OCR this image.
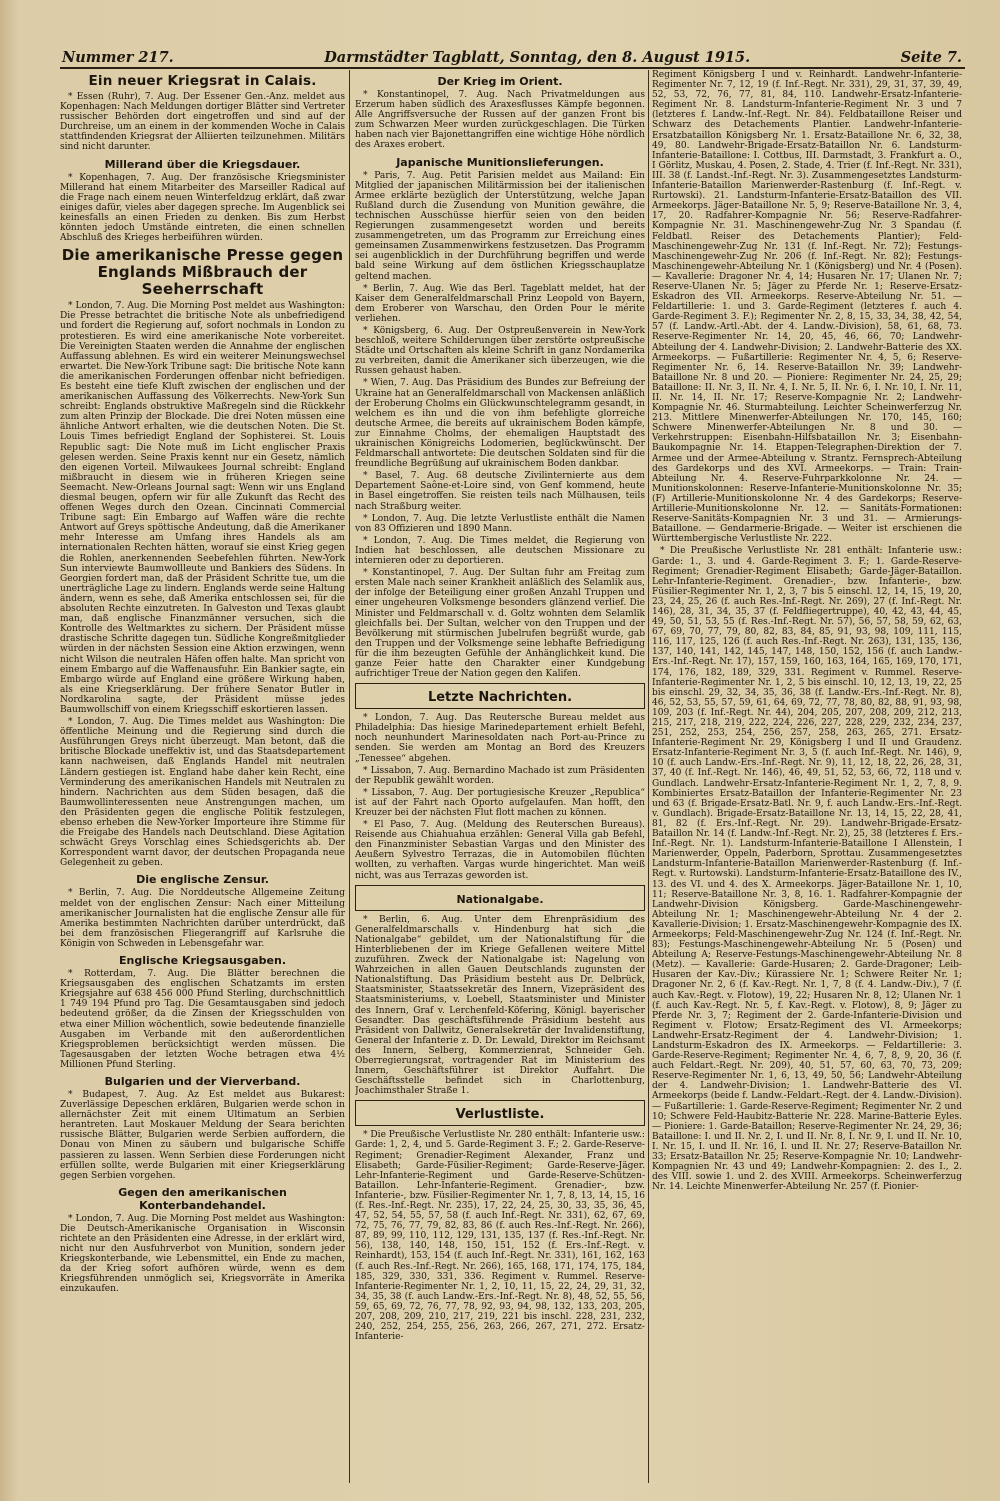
Nummer 217.	Darmstädter Tagblatt, Sonntag, den 8. August 1915.	Seite 7.
Ein neuer Kriegsrat in Calais.

* Essen (Ruhr), 7. Aug. Der Essener Gen.-Anz. meldet aus Kopenhagen: Nach Meldungen dortiger Blätter sind Vertreter russischer Behörden dort eingetroffen und sind auf der Durchreise, um an einem in der kommenden Woche in Calais stattfindenden Kriegsrat der Alliierten teilzunehmen. Militärs sind nicht darunter.

Millerand über die Kriegsdauer.

* Kopenhagen, 7. Aug. Der französische Kriegsminister Millerand hat einem Mitarbeiter des Marseiller Radical auf die Frage nach einem neuen Winterfeldzug erklärt, daß zwar einiges dafür, vieles aber dagegen spreche. Im Augenblick sei keinesfalls an einen Frieden zu denken. Bis zum Herbst könnten jedoch Umstände eintreten, die einen schnellen Abschluß des Krieges herbeiführen würden.

Die amerikanische Presse gegen Englands Mißbrauch der Seeherrschaft

* London, 7. Aug. Die Morning Post meldet aus Washington: Die Presse betrachtet die britische Note als unbefriedigend und fordert die Regierung auf, sofort nochmals in London zu protestieren. Es wird eine amerikanische Note vorbereitet. Die Vereinigten Staaten werden die Annahme der englischen Auffassung ablehnen. Es wird ein weiterer Meinungswechsel erwartet. Die New-York Tribune sagt: Die britische Note kann die amerikanischen Forderungen offenbar nicht befriedigen. Es besteht eine tiefe Kluft zwischen der englischen und der amerikanischen Auffassung des Völkerrechts. New-York Sun schreibt: Englands obstruktive Maßregeln sind die Rückkehr zum alten Prinzip der Blockade. Die drei Noten müssen eine ähnliche Antwort erhalten, wie die deutschen Noten. Die St. Louis Times befriedigt England der Sophisterei. St. Louis Republic sagt: Die Note muß im Licht englischer Praxis gelesen werden. Seine Praxis kennt nur ein Gesetz, nämlich den eigenen Vorteil. Milwaukees Journal schreibt: England mißbraucht in diesem wie in früheren Kriegen seine Seemacht. New-Orleans Journal sagt: Wenn wir uns England diesmal beugen, opfern wir für alle Zukunft das Recht des offenen Weges durch den Ozean. Cincinnati Commercial Tribune sagt: Ein Embargo auf Waffen wäre die rechte Antwort auf Greys spöttische Andeutung, daß die Amerikaner mehr Interesse am Umfang ihres Handels als am internationalen Rechten hätten, worauf sie einst Krieg gegen die Rohlen, anerkennenden Seebefehlen führten. New-York Sun interviewte Baumwollleute und Bankiers des Südens. In Georgien fordert man, daß der Präsident Schritte tue, um die unerträgliche Lage zu lindern. Englands werde seine Haltung ändern, wenn es sehe, daß Amerika entschlossen sei, für die absoluten Rechte einzutreten. In Galveston und Texas glaubt man, daß englische Finanzmänner versuchen, sich die Kontrolle des Weltmarktes zu sichern. Der Präsident müsse drastische Schritte dagegen tun. Südliche Kongreßmitglieder würden in der nächsten Session eine Aktion erzwingen, wenn nicht Wilson die neutralen Häfen offen halte. Man spricht von einem Embargo auf die Waffenausfuhr. Ein Bankier sagte, ein Embargo würde auf England eine größere Wirkung haben, als eine Kriegserklärung. Der frühere Senator Butler in Nordkarolina sagte, der Präsident müsse jedes Baumwollschiff von einem Kriegsschiff eskortieren lassen.

* London, 7. Aug. Die Times meldet aus Washington: Die öffentliche Meinung und die Regierung sind durch die Ausführungen Greys nicht überzeugt. Man betont, daß die britische Blockade uneffektiv ist, und das Staatsdepartement kann nachweisen, daß Englands Handel mit neutralen Ländern gestiegen ist. England habe daher kein Recht, eine Verminderung des amerikanischen Handels mit Neutralen zu hindern. Nachrichten aus dem Süden besagen, daß die Baumwollinteressenten neue Anstrengungen machen, um den Präsidenten gegen die englische Politik festzulegen, ebenso erheben die New-Yorker Importeure ihre Stimme für die Freigabe des Handels nach Deutschland. Diese Agitation schwächt Greys Vorschlag eines Schiedsgerichts ab. Der Korrespondent warnt davor, der deutschen Propaganda neue Gelegenheit zu geben.

Die englische Zensur.

* Berlin, 7. Aug. Die Norddeutsche Allgemeine Zeitung meldet von der englischen Zensur: Nach einer Mitteilung amerikanischer Journalisten hat die englische Zensur alle für Amerika bestimmten Nachrichten darüber unterdrückt, daß bei dem französischen Fliegerangriff auf Karlsruhe die Königin von Schweden in Lebensgefahr war.

Englische Kriegsausgaben.

* Rotterdam, 7. Aug. Die Blätter berechnen die Kriegsausgaben des englischen Schatzamts im ersten Kriegsjahre auf 638 456 000 Pfund Sterling, durchschnittlich 1 749 194 Pfund pro Tag. Die Gesamtausgaben sind jedoch bedeutend größer, da die Zinsen der Kriegsschulden von etwa einer Million wöchentlich, sowie bedeutende finanzielle Ausgaben im Verbande mit den außerordentlichen Kriegsproblemen berücksichtigt werden müssen. Die Tagesausgaben der letzten Woche betragen etwa 4½ Millionen Pfund Sterling.

Bulgarien und der Vierverband.

* Budapest, 7. Aug. Az Est meldet aus Bukarest: Zuverlässige Depeschen erklären, Bulgarien werde schon in allernächster Zeit mit einem Ultimatum an Serbien herantreten. Laut Moskauer Meldung der Seara berichten russische Blätter, Bulgarien werde Serbien auffordern, die Donau von Minen zu säubern und bulgarische Schiffe passieren zu lassen. Wenn Serbien diese Forderungen nicht erfüllen sollte, werde Bulgarien mit einer Kriegserklärung gegen Serbien vorgehen.

Gegen den amerikanischen Konterbandehandel.

* London, 7. Aug. Die Morning Post meldet aus Washington: Die Deutsch-Amerikanische Organisation in Wisconsin richtete an den Präsidenten eine Adresse, in der erklärt wird, nicht nur den Ausfuhrverbot von Munition, sondern jeder Kriegskonterbande, wie Lebensmittel, ein Ende zu machen, da der Krieg sofort aufhören würde, wenn es dem Kriegsführenden unmöglich sei, Kriegsvorräte in Amerika einzukaufen.

Der Krieg im Orient.

* Konstantinopel, 7. Aug. Nach Privatmeldungen aus Erzerum haben südlich des Araxesflusses Kämpfe begonnen. Alle Angriffsversuche der Russen auf der ganzen Front bis zum Schwarzen Meer wurden zurückgeschlagen. Die Türken haben nach vier Bajonettangriffen eine wichtige Höhe nördlich des Araxes erobert.

Japanische Munitionslieferungen.

* Paris, 7. Aug. Petit Parisien meldet aus Mailand: Ein Mitglied der japanischen Militärmission bei der italienischen Armee erklärte bezüglich der Unterstützung, welche Japan Rußland durch die Zusendung von Munition gewähre, die technischen Ausschüsse hierfür seien von den beiden Regierungen zusammengesetzt worden und bereits zusammengetreten, um das Programm zur Erreichung eines gemeinsamen Zusammenwirkens festzusetzen. Das Programm sei augenblicklich in der Durchführung begriffen und werde bald seine Wirkung auf dem östlichen Kriegsschauplatze geltend machen.

* Berlin, 7. Aug. Wie das Berl. Tageblatt meldet, hat der Kaiser dem Generalfeldmarschall Prinz Leopold von Bayern, dem Eroberer von Warschau, den Orden Pour le mérite verliehen.

* Königsberg, 6. Aug. Der Ostpreußenverein in New-York beschloß, weitere Schilderungen über zerstörte ostpreußische Städte und Ortschaften als kleine Schrift in ganz Nordamerika zu verbreiten, damit die Amerikaner sich überzeugen, wie die Russen gehaust haben.

* Wien, 7. Aug. Das Präsidium des Bundes zur Befreiung der Ukraine hat an Generalfeldmarschall von Mackensen anläßlich der Eroberung Cholms ein Glückwunschtelegramm gesandt, in welchem es ihn und die von ihm befehligte glorreiche deutsche Armee, die bereits auf ukrainischem Boden kämpfe, zur Einnahme Cholms, der ehemaligen Hauptstadt des ukrainischen Königreichs Lodomerien, beglückwünscht. Der Feldmarschall antwortete: Die deutschen Soldaten sind für die freundliche Begrüßung auf ukrainischem Boden dankbar.

* Basel, 7. Aug. 68 deutsche Zivilinternierte aus dem Departement Saône-et-Loire sind, von Genf kommend, heute in Basel eingetroffen. Sie reisten teils nach Mülhausen, teils nach Straßburg weiter.

* London, 7. Aug. Die letzte Verlustliste enthält die Namen von 83 Offizieren und 1890 Mann.

* London, 7. Aug. Die Times meldet, die Regierung von Indien hat beschlossen, alle deutschen Missionare zu internieren oder zu deportieren.

* Konstantinopel, 7. Aug. Der Sultan fuhr am Freitag zum ersten Male nach seiner Krankheit anläßlich des Selamlik aus, der infolge der Beteiligung einer großen Anzahl Truppen und einer ungeheuren Volksmenge besonders glänzend verlief. Die Minister und Feldmarschall v. d. Goltz wohnten dem Selamlik gleichfalls bei. Der Sultan, welcher von den Truppen und der Bevölkerung mit stürmischen Jubelrufen begrüßt wurde, gab den Truppen und der Volksmenge seine lebhafte Befriedigung für die ihm bezeugten Gefühle der Anhänglichkeit kund. Die ganze Feier hatte den Charakter einer Kundgebung aufrichtiger Treue der Nation gegen den Kalifen.

Letzte Nachrichten.

* London, 7. Aug. Das Reutersche Bureau meldet aus Philadelphia: Das hiesige Marinedepartement erhielt Befehl, noch neunhundert Marinesoldaten nach Port-au-Prince zu senden. Sie werden am Montag an Bord des Kreuzers „Tenessee“ abgehen.

* Lissabon, 7. Aug. Bernardino Machado ist zum Präsidenten der Republik gewählt worden.

* Lissabon, 7. Aug. Der portugiesische Kreuzer „Republica“ ist auf der Fahrt nach Oporto aufgelaufen. Man hofft, den Kreuzer bei der nächsten Flut flott machen zu können.

* El Paso, 7. Aug. (Meldung des Reuterschen Bureaus). Reisende aus Chiahuahua erzählen: General Villa gab Befehl, den Finanzminister Sebastian Vargas und den Minister des Aeußern Sylvestro Terrazas, die in Automobilen flüchten wollten, zu verhaften. Vargas wurde hingerichtet. Man weiß nicht, was aus Terrazas geworden ist.

Nationalgabe.

* Berlin, 6. Aug. Unter dem Ehrenpräsidium des Generalfeldmarschalls v. Hindenburg hat sich „die Nationalgabe“ gebildet, um der Nationalstiftung für die Hinterbliebenen der im Kriege Gefallenen weitere Mittel zuzuführen. Zweck der Nationalgabe ist: Nagelung von Wahrzeichen in allen Gauen Deutschlands zugunsten der Nationalstiftung. Das Präsidium besteht aus Dr. Delbrück, Staatsminister, Staatssekretär des Innern, Vizepräsident des Staatsministeriums, v. Loebell, Staatsminister und Minister des Innern, Graf v. Lerchenfeld-Köfering, Königl. bayerischer Gesandter. Das geschäftsführende Präsidium besteht aus Präsident von Dallwitz, Generalsekretär der Invalidenstiftung, General der Infanterie z. D. Dr. Lewald, Direktor im Reichsamt des Innern, Selberg, Kommerzienrat, Schneider Geh. Oberregierungsrat, vortragender Rat im Ministerium des Innern, Geschäftsführer ist Direktor Auffahrt. Die Geschäftsstelle befindet sich in Charlottenburg, Joachimsthaler Straße 1.

Verlustliste.

* Die Preußische Verlustliste Nr. 280 enthält: Infanterie usw.: Garde: 1, 2, 4, und 5. Garde-Regiment 3. F.; 2. Garde-Reserve-Regiment; Grenadier-Regiment Alexander, Franz und Elisabeth; Garde-Füsilier-Regiment; Garde-Reserve-Jäger. Lehr-Infanterie-Regiment und Garde-Reserve-Schützen-Bataillon. Lehr-Infanterie-Regiment. Grenadier-, bzw. Infanterie-, bzw. Füsilier-Regimenter Nr. 1, 7, 8, 13, 14, 15, 16 (f. Res.-Inf.-Regt. Nr. 235), 17, 22, 24, 25, 30, 33, 35, 36, 45, 47, 52, 54, 55, 57, 58 (f. auch Inf.-Regt. Nr. 331), 62, 67, 69, 72, 75, 76, 77, 79, 82, 83, 86 (f. auch Res.-Inf.-Regt. Nr. 266), 87, 89, 99, 110, 112, 129, 131, 135, 137 (f. Res.-Inf.-Regt. Nr. 56), 138, 140, 148, 150, 151, 152 (f. Ers.-Inf.-Regt. v. Reinhardt), 153, 154 (f. auch Inf.-Regt. Nr. 331), 161, 162, 163 (f. auch Res.-Inf.-Regt. Nr. 266), 165, 168, 171, 174, 175, 184, 185, 329, 330, 331, 336. Regiment v. Rummel. Reserve-Infanterie-Regimenter Nr. 1, 2, 10, 11, 15, 22, 24, 29, 31, 32, 34, 35, 38 (f. auch Landw.-Ers.-Inf.-Regt. Nr. 8), 48, 52, 55, 56, 59, 65, 69, 72, 76, 77, 78, 92, 93, 94, 98, 132, 133, 203, 205, 207, 208, 209, 210, 217, 219, 221 bis inschl. 228, 231, 232, 240, 252, 254, 255, 256, 263, 266, 267, 271, 272. Ersatz-Infanterie-

Regiment Königsberg I und v. Reinhardt. Landwehr-Infanterie-Regimenter Nr. 7, 12, 19 (f. Inf.-Regt. Nr. 331), 29, 31, 37, 39, 49, 52, 53, 72, 76, 77, 81, 84, 110. Landwehr-Ersatz-Infanterie-Regiment Nr. 8. Landsturm-Infanterie-Regiment Nr. 3 und 7 (letzteres f. Landw.-Inf.-Regt. Nr. 84). Feldbataillone Reiser und Schwarz des Detachements Plantier. Landwehr-Infanterie-Ersatzbataillon Königsberg Nr. 1. Ersatz-Bataillone Nr. 6, 32, 38, 49, 80. Landwehr-Brigade-Ersatz-Bataillon Nr. 6. Landsturm-Infanterie-Bataillone: I. Cottbus, III. Darmstadt, 3. Frankfurt a. O., I Görlitz, Muskau, 4. Posen, 2. Stade, 4. Trier (f. Inf.-Regt. Nr. 331), III. 38 (f. Landst.-Inf.-Regt. Nr. 3). Zusammengesetztes Landsturm-Infanterie-Bataillon Marienwerder-Rastenburg (f. Inf.-Regt. v. Rurtowski). 21. Landsturm-Infanterie-Ersatz-Bataillon des VII. Armeekorps. Jäger-Bataillone Nr. 5, 9; Reserve-Bataillone Nr. 3, 4, 17, 20. Radfahrer-Kompagnie Nr. 56; Reserve-Radfahrer-Kompagnie Nr. 31. Maschinengewehr-Zug Nr. 3 Spandau (f. Feldbatl. Reiser des Detachements Plantier); Feld-Maschinengewehr-Zug Nr. 131 (f. Inf.-Regt. Nr. 72); Festungs-Maschinengewehr-Zug Nr. 206 (f. Inf.-Regt. Nr. 82); Festungs-Maschinengewehr-Abteilung Nr. 1 (Königsberg) und Nr. 4 (Posen). — Kavallerie: Dragoner Nr. 4, 14; Husaren Nr. 17; Ulanen Nr. 7; Reserve-Ulanen Nr. 5; Jäger zu Pferde Nr. 1; Reserve-Ersatz-Eskadron des VII. Armeekorps. Reserve-Abteilung Nr. 51. — Feldartillerie: 1. und 3. Garde-Regiment (letzteres f. auch 4. Garde-Regiment 3. F.); Regimenter Nr. 2, 8, 15, 33, 34, 38, 42, 54, 57 (f. Landw.-Artl.-Abt. der 4. Landw.-Division), 58, 61, 68, 73. Reserve-Regimenter Nr. 14, 20, 45, 46, 66, 70; Landwehr-Abteilung der 4. Landwehr-Division; 2. Landwehr-Batterie des XX. Armeekorps. — Fußartillerie: Regimenter Nr. 4, 5, 6; Reserve-Regimenter Nr. 6, 14. Reserve-Bataillon Nr. 39; Landwehr-Bataillone Nr. 8 und 20. — Pioniere: Regimenter Nr. 24, 25, 29; Bataillone: II. Nr. 3, II. Nr. 4, I. Nr. 5, II. Nr. 6, I. Nr. 10, I. Nr. 11, II. Nr. 14, II. Nr. 17; Reserve-Kompagnie Nr. 2; Landwehr-Kompagnie Nr. 46. Sturmabteilung. Leichter Scheinwerferzug Nr. 213. Mittlere Minenwerfer-Abteilungen Nr. 170, 145, 160; Schwere Minenwerfer-Abteilungen Nr. 8 und 30. — Verkehrstruppen: Eisenbahn-Hilfsbataillon Nr. 3; Eisenbahn-Baukompagnie Nr. 14. Etappen-Telegraphen-Direktion der 7. Armee und der Armee-Abteilung v. Strantz. Fernsprech-Abteilung des Gardekorps und des XVI. Armeekorps. — Train: Train-Abteilung Nr. 4. Reserve-Fuhrparkkolonne Nr. 24. — Munitionskolonnen: Reserve-Infanterie-Munitionskolonne Nr. 35; (F) Artillerie-Munitionskolonne Nr. 4 des Gardekorps; Reserve-Artillerie-Munitionskolonne Nr. 12. — Sanitäts-Formationen: Reserve-Sanitäts-Kompagnien Nr. 3 und 31. — Armierungs-Bataillone. — Gendarmerie-Brigade. — Weiter ist erschienen die Württembergische Verlustliste Nr. 222.

* Die Preußische Verlustliste Nr. 281 enthält: Infanterie usw.: Garde: 1., 3. und 4. Garde-Regiment 3. F.; 1. Garde-Reserve-Regiment; Grenadier-Regiment Elisabeth; Garde-Jäger-Bataillon. Lehr-Infanterie-Regiment. Grenadier-, bzw. Infanterie-, bzw. Füsilier-Regimenter Nr. 1, 2, 3, 7 bis 5 einschl. 12, 14, 15, 19, 20, 23, 24, 25, 26 (f. auch Res.-Inf.-Regt. Nr. 269), 27 (f. Inf.-Regt. Nr. 146), 28, 31, 34, 35, 37 (f. Feldfliegertruppe), 40, 42, 43, 44, 45, 49, 50, 51, 53, 55 (f. Res.-Inf.-Regt. Nr. 57), 56, 57, 58, 59, 62, 63, 67, 69, 70, 77, 79, 80, 82, 83, 84, 85, 91, 93, 98, 109, 111, 115, 116, 117, 125, 126 (f. auch Res.-Inf.-Regt. Nr. 263), 131, 135, 136, 137, 140, 141, 142, 145, 147, 148, 150, 152, 156 (f. auch Landw.-Ers.-Inf.-Regt. Nr. 17), 157, 159, 160, 163, 164, 165, 169, 170, 171, 174, 176, 182, 189, 329, 331. Regiment v. Rummel. Reserve-Infanterie-Regimenter Nr. 1, 2, 5 bis einschl. 10, 12, 13, 19, 22, 25 bis einschl. 29, 32, 34, 35, 36, 38 (f. Landw.-Ers.-Inf.-Regt. Nr. 8), 46, 52, 53, 55, 57, 59, 61, 64, 69, 72, 77, 78, 80, 82, 88, 91, 93, 98, 109, 203 (f. Inf.-Regt. Nr. 44), 204, 205, 207, 208, 209, 212, 213, 215, 217, 218, 219, 222, 224, 226, 227, 228, 229, 232, 234, 237, 251, 252, 253, 254, 256, 257, 258, 263, 265, 271. Ersatz-Infanterie-Regiment Nr. 29, Königsberg I und II und Graudenz. Ersatz-Infanterie-Regiment Nr. 3, 5 (f. auch Inf.-Regt. Nr. 146), 9, 10 (f. auch Landw.-Ers.-Inf.-Regt. Nr. 9), 11, 12, 18, 22, 26, 28, 31, 37, 40 (f. Inf.-Regt. Nr. 146), 46, 49, 51, 52, 53, 66, 72, 118 und v. Gundlach. Landwehr-Ersatz-Infanterie-Regiment Nr. 1, 2, 7, 8, 9. Kombiniertes Ersatz-Bataillon der Infanterie-Regimenter Nr. 23 und 63 (f. Brigade-Ersatz-Batl. Nr. 9, f. auch Landw.-Ers.-Inf.-Regt. v. Gundlach). Brigade-Ersatz-Bataillone Nr. 13, 14, 15, 22, 28, 41, 81, 82 (f. Ers.-Inf.-Regt. Nr. 29). Landwehr-Brigade-Ersatz-Bataillon Nr. 14 (f. Landw.-Inf.-Regt. Nr. 2), 25, 38 (letzteres f. Ers.-Inf.-Regt. Nr. 1). Landsturm-Infanterie-Bataillone I Allenstein, I Marienwerder, Oppeln, Paderborn, Sprottau. Zusammengesetztes Landsturm-Infanterie-Bataillon Marienwerder-Rastenburg (f. Inf.-Regt. v. Rurtowski). Landsturm-Infanterie-Ersatz-Bataillone des IV., 13. des VI. und 4. des X. Armeekorps. Jäger-Bataillone Nr. 1, 10, 11; Reserve-Bataillone Nr. 3, 8, 16. 1. Radfahrer-Kompagnie der Landwehr-Division Königsberg. Garde-Maschinengewehr-Abteilung Nr. 1; Maschinengewehr-Abteilung Nr. 4 der 2. Kavallerie-Division; 1. Ersatz-Maschinengewehr-Kompagnie des IX. Armeekorps; Feld-Maschinengewehr-Zug Nr. 124 (f. Inf.-Regt. Nr. 83); Festungs-Maschinengewehr-Abteilung Nr. 5 (Posen) und Abteilung A; Reserve-Festungs-Maschinengewehr-Abteilung Nr. 8 (Metz). — Kavallerie: Garde-Husaren; 2. Garde-Dragoner; Leib-Husaren der Kav.-Div.; Kürassiere Nr. 1; Schwere Reiter Nr. 1; Dragoner Nr. 2, 6 (f. Kav.-Regt. Nr. 1, 7, 8 (f. 4. Landw.-Div.), 7 (f. auch Kav.-Regt. v. Flotow), 19, 22; Husaren Nr. 8, 12; Ulanen Nr. 1 (f. auch Kav.-Regt. Nr. 5, f. Kav.-Regt. v. Flotow), 8, 9; Jäger zu Pferde Nr. 3, 7; Regiment der 2. Garde-Infanterie-Division und Regiment v. Flotow; Ersatz-Regiment des VI. Armeekorps; Landwehr-Ersatz-Regiment der 4. Landwehr-Division; 1. Landsturm-Eskadron des IX. Armeekorps. — Feldartillerie: 3. Garde-Reserve-Regiment; Regimenter Nr. 4, 6, 7, 8, 9, 20, 36 (f. auch Feldart.-Regt. Nr. 209), 40, 51, 57, 60, 63, 70, 73, 209; Reserve-Regimenter Nr. 1, 6, 13, 49, 50, 56; Landwehr-Abteilung der 4. Landwehr-Division; 1. Landwehr-Batterie des VI. Armeekorps (beide f. Landw.-Feldart.-Regt. der 4. Landw.-Division). — Fußartillerie: 1. Garde-Reserve-Regiment; Regimenter Nr. 2 und 10; Schwere Feld-Haubitz-Batterie Nr. 228. Marine-Batterie Eyles. — Pioniere: 1. Garde-Bataillon; Reserve-Regimenter Nr. 24, 29, 36; Bataillone: I. und II. Nr. 2, I. und II. Nr. 8, I. Nr. 9, I. und II. Nr. 10, I. Nr. 15, I. und II. Nr. 16, I. und II. Nr. 27; Reserve-Bataillon Nr. 33; Ersatz-Bataillon Nr. 25; Reserve-Kompagnie Nr. 10; Landwehr-Kompagnien Nr. 43 und 49; Landwehr-Kompagnien: 2. des I., 2. des VIII. sowie 1. und 2. des XVIII. Armeekorps. Scheinwerferzug Nr. 14. Leichte Minenwerfer-Abteilung Nr. 257 (f. Pionier-
